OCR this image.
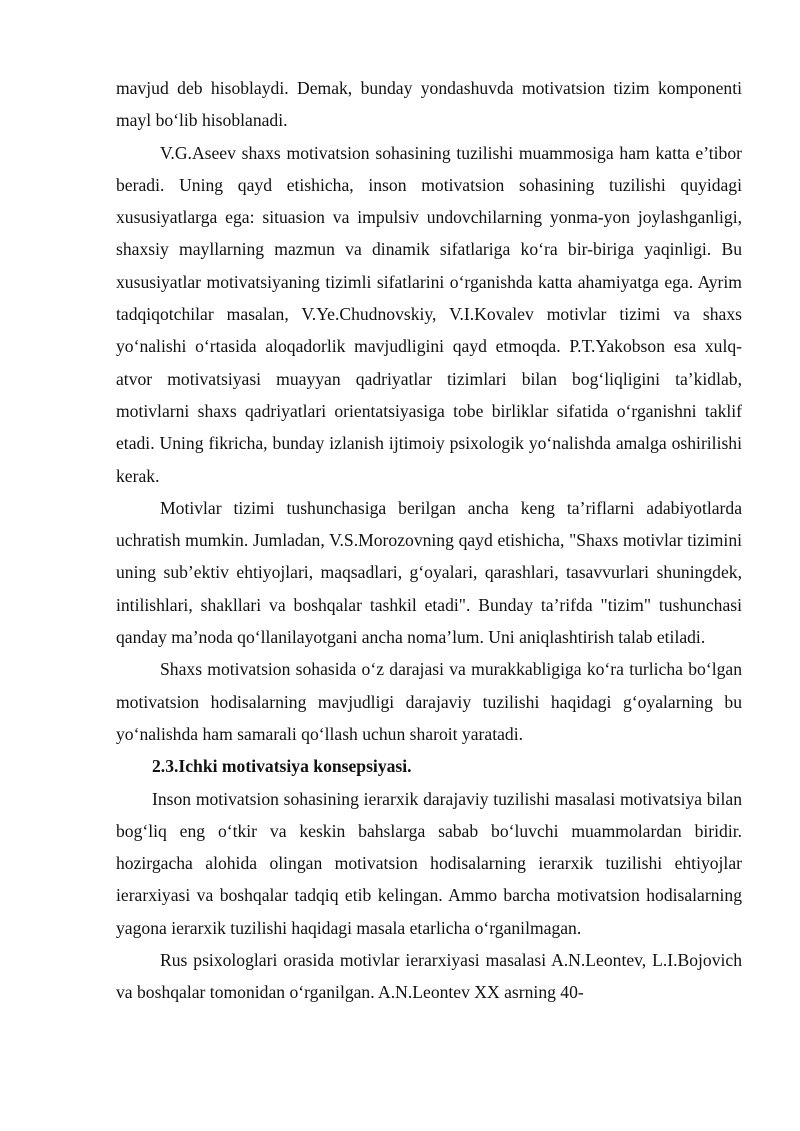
mavjud deb hisoblaydi. Demak, bunday yondashuvda motivatsion tizim komponenti mayl bo‘lib hisoblanadi.

V.G.Aseev shaxs motivatsion sohasining tuzilishi muammosiga ham katta e’tibor beradi. Uning qayd etishicha, inson motivatsion sohasining tuzilishi quyidagi xususiyatlarga ega: situasion va impulsiv undovchilarning yonma-yon joylashganligi, shaxsiy mayllarning mazmun va dinamik sifatlariga ko‘ra bir-biriga yaqinligi. Bu xususiyatlar motivatsiyaning tizimli sifatlarini o‘rganishda katta ahamiyatga ega. Ayrim tadqiqotchilar masalan, V.Ye.Chudnovskiy, V.I.Kovalev motivlar tizimi va shaxs yo‘nalishi o‘rtasida aloqadorlik mavjudligini qayd etmoqda. P.T.Yakobson esa xulq-atvor motivatsiyasi muayyan qadriyatlar tizimlari bilan bog‘liqligini ta’kidlab, motivlarni shaxs qadriyatlari orientatsiyasiga tobe birliklar sifatida o‘rganishni taklif etadi. Uning fikricha, bunday izlanish ijtimoiy psixologik yo‘nalishda amalga oshirilishi kerak.

Motivlar tizimi tushunchasiga berilgan ancha keng ta’riflarni adabiyotlarda uchratish mumkin. Jumladan, V.S.Morozovning qayd etishicha, "Shaxs motivlar tizimini uning sub’ektiv ehtiyojlari, maqsadlari, g‘oyalari, qarashlari, tasavvurlari shuningdek, intilishlari, shakllari va boshqalar tashkil etadi". Bunday ta’rifda "tizim" tushunchasi qanday ma’noda qo‘llanilayotgani ancha noma’lum. Uni aniqlashtirish talab etiladi.

Shaxs motivatsion sohasida o‘z darajasi va murakkabligiga ko‘ra turlicha bo‘lgan motivatsion hodisalarning mavjudligi darajaviy tuzilishi haqidagi g‘oyalarning bu yo‘nalishda ham samarali qo‘llash uchun sharoit yaratadi.

2.3.Ichki motivatsiya konsepsiyasi.

Inson motivatsion sohasining ierarxik darajaviy tuzilishi masalasi motivatsiya bilan bog‘liq eng o‘tkir va keskin bahslarga sabab bo‘luvchi muammolardan biridir. hozirgacha alohida olingan motivatsion hodisalarning ierarxik tuzilishi ehtiyojlar ierarxiyasi va boshqalar tadqiq etib kelingan. Ammo barcha motivatsion hodisalarning yagona ierarxik tuzilishi haqidagi masala etarlicha o‘rganilmagan.

Rus psixologlari orasida motivlar ierarxiyasi masalasi A.N.Leontev, L.I.Bojovich va boshqalar tomonidan o‘rganilgan. A.N.Leontev XX asrning 40-
